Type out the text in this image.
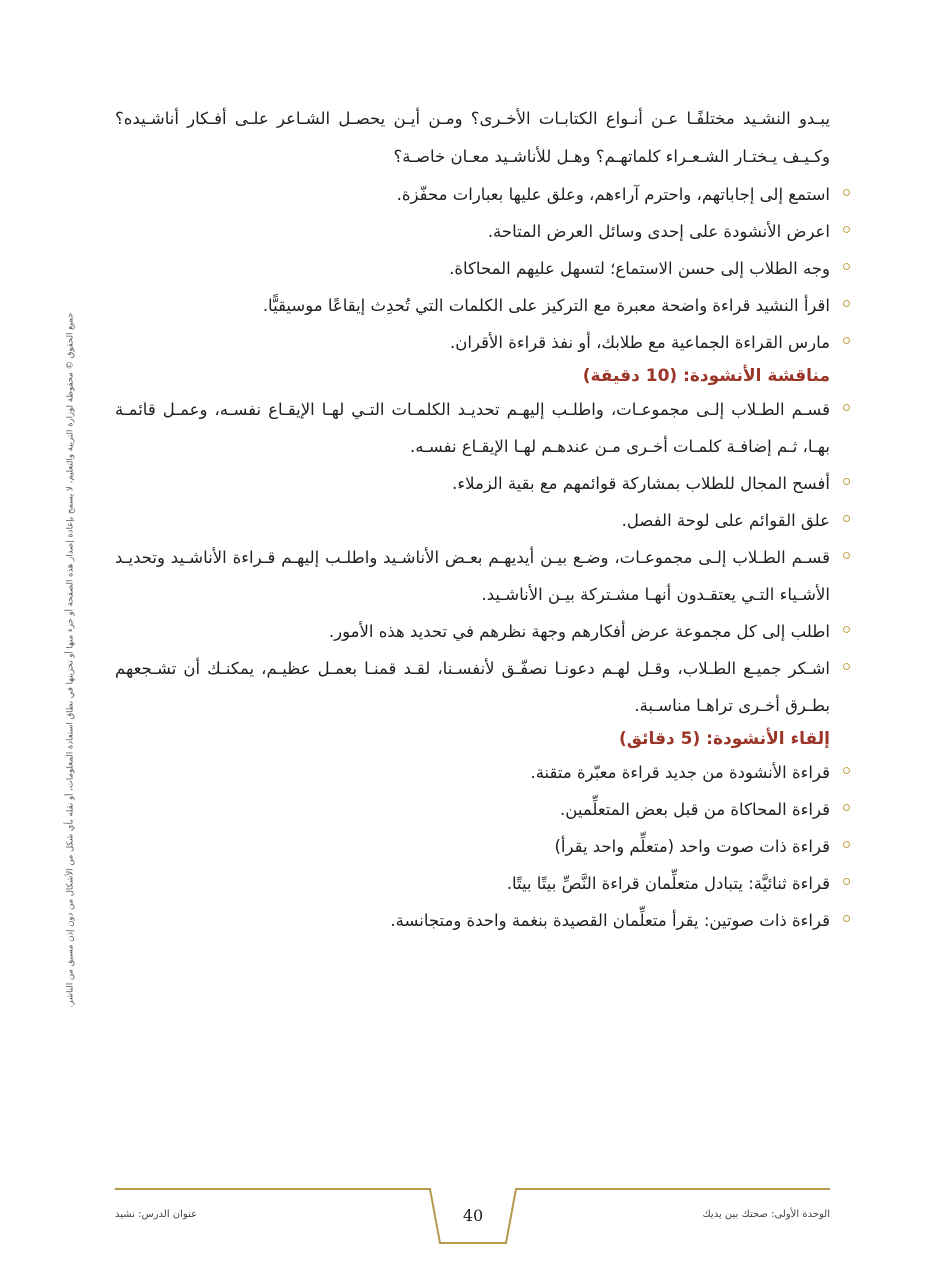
جميع الحقوق © محفوظة لوزارة التربية والتعليم، لا يسمح بإعادة إصدار هذه الصفحة أو جزء منها أو تخزينها في نطاق استعادة المعلومات، أو نقله بأي شكل من الأشكال من دون إذن مسبق من الناشر.

يبـدو النشـيد مختلفًـا عـن أنـواع الكتابـات الأخـرى؟ ومـن أيـن يحصـل الشـاعر علـى أفـكار أناشـيده؟ وكـيـف يـختـار الشـعـراء كلماتهـم؟ وهـل للأناشـيد معـان خاصـة؟

استمع إلى إجاباتهم، واحترم آراءهم، وعلق عليها بعبارات محفّزة.
اعرض الأنشودة على إحدى وسائل العرض المتاحة.
وجه الطلاب إلى حسن الاستماع؛ لتسهل عليهم المحاكاة.
اقرأ النشيد قراءة واضحة معبرة مع التركيز على الكلمات التي تُحدِث إيقاعًا موسيقيًّا.
مارس القراءة الجماعية مع طلابك، أو نفذ قراءة الأقران.
مناقشة الأنشودة: (10 دقيقة)
قسـم الطـلاب إلـى مجموعـات، واطلـب إليهـم تحديـد الكلمـات التـي لهـا الإيقـاع نفسـه، وعمـل قائمـة بهـا، ثـم إضافـة كلمـات أخـرى مـن عندهـم لهـا الإيقـاع نفسـه.
أفسح المجال للطلاب بمشاركة قوائمهم مع بقية الزملاء.
علق القوائم على لوحة الفصل.
قسـم الطـلاب إلـى مجموعـات، وضـع بيـن أيديهـم بعـض الأناشـيد واطلـب إليهـم قـراءة الأناشـيد وتحديـد الأشـياء التـي يعتقـدون أنهـا مشـتركة بيـن الأناشـيد.
اطلب إلى كل مجموعة عرض أفكارهم وجهة نظرهم في تحديد هذه الأمور.
اشـكر جميـع الطـلاب، وقـل لهـم دعونـا نصفّـق لأنفسـنا، لقـد قمنـا بعمـل عظيـم، يمكنـك أن تشـجعهم بطـرق أخـرى تراهـا مناسـبة.
إلقاء الأنشودة: (5 دقائق)
قراءة الأنشودة من جديد قراءة معبّرة متقنة.
قراءة المحاكاة من قبل بعض المتعلِّمين.
قراءة ذات صوت واحد (متعلِّم واحد يقرأ)
قراءة ثنائيَّة: يتبادل متعلِّمان قراءة النَّصِّ بيتًا بيتًا.
قراءة ذات صوتين: يقرأ متعلِّمان القصيدة بنغمة واحدة ومتجانسة.
عنوان الدرس: نشيد	40	الوحدة الأولى: صحتك بين يديك
